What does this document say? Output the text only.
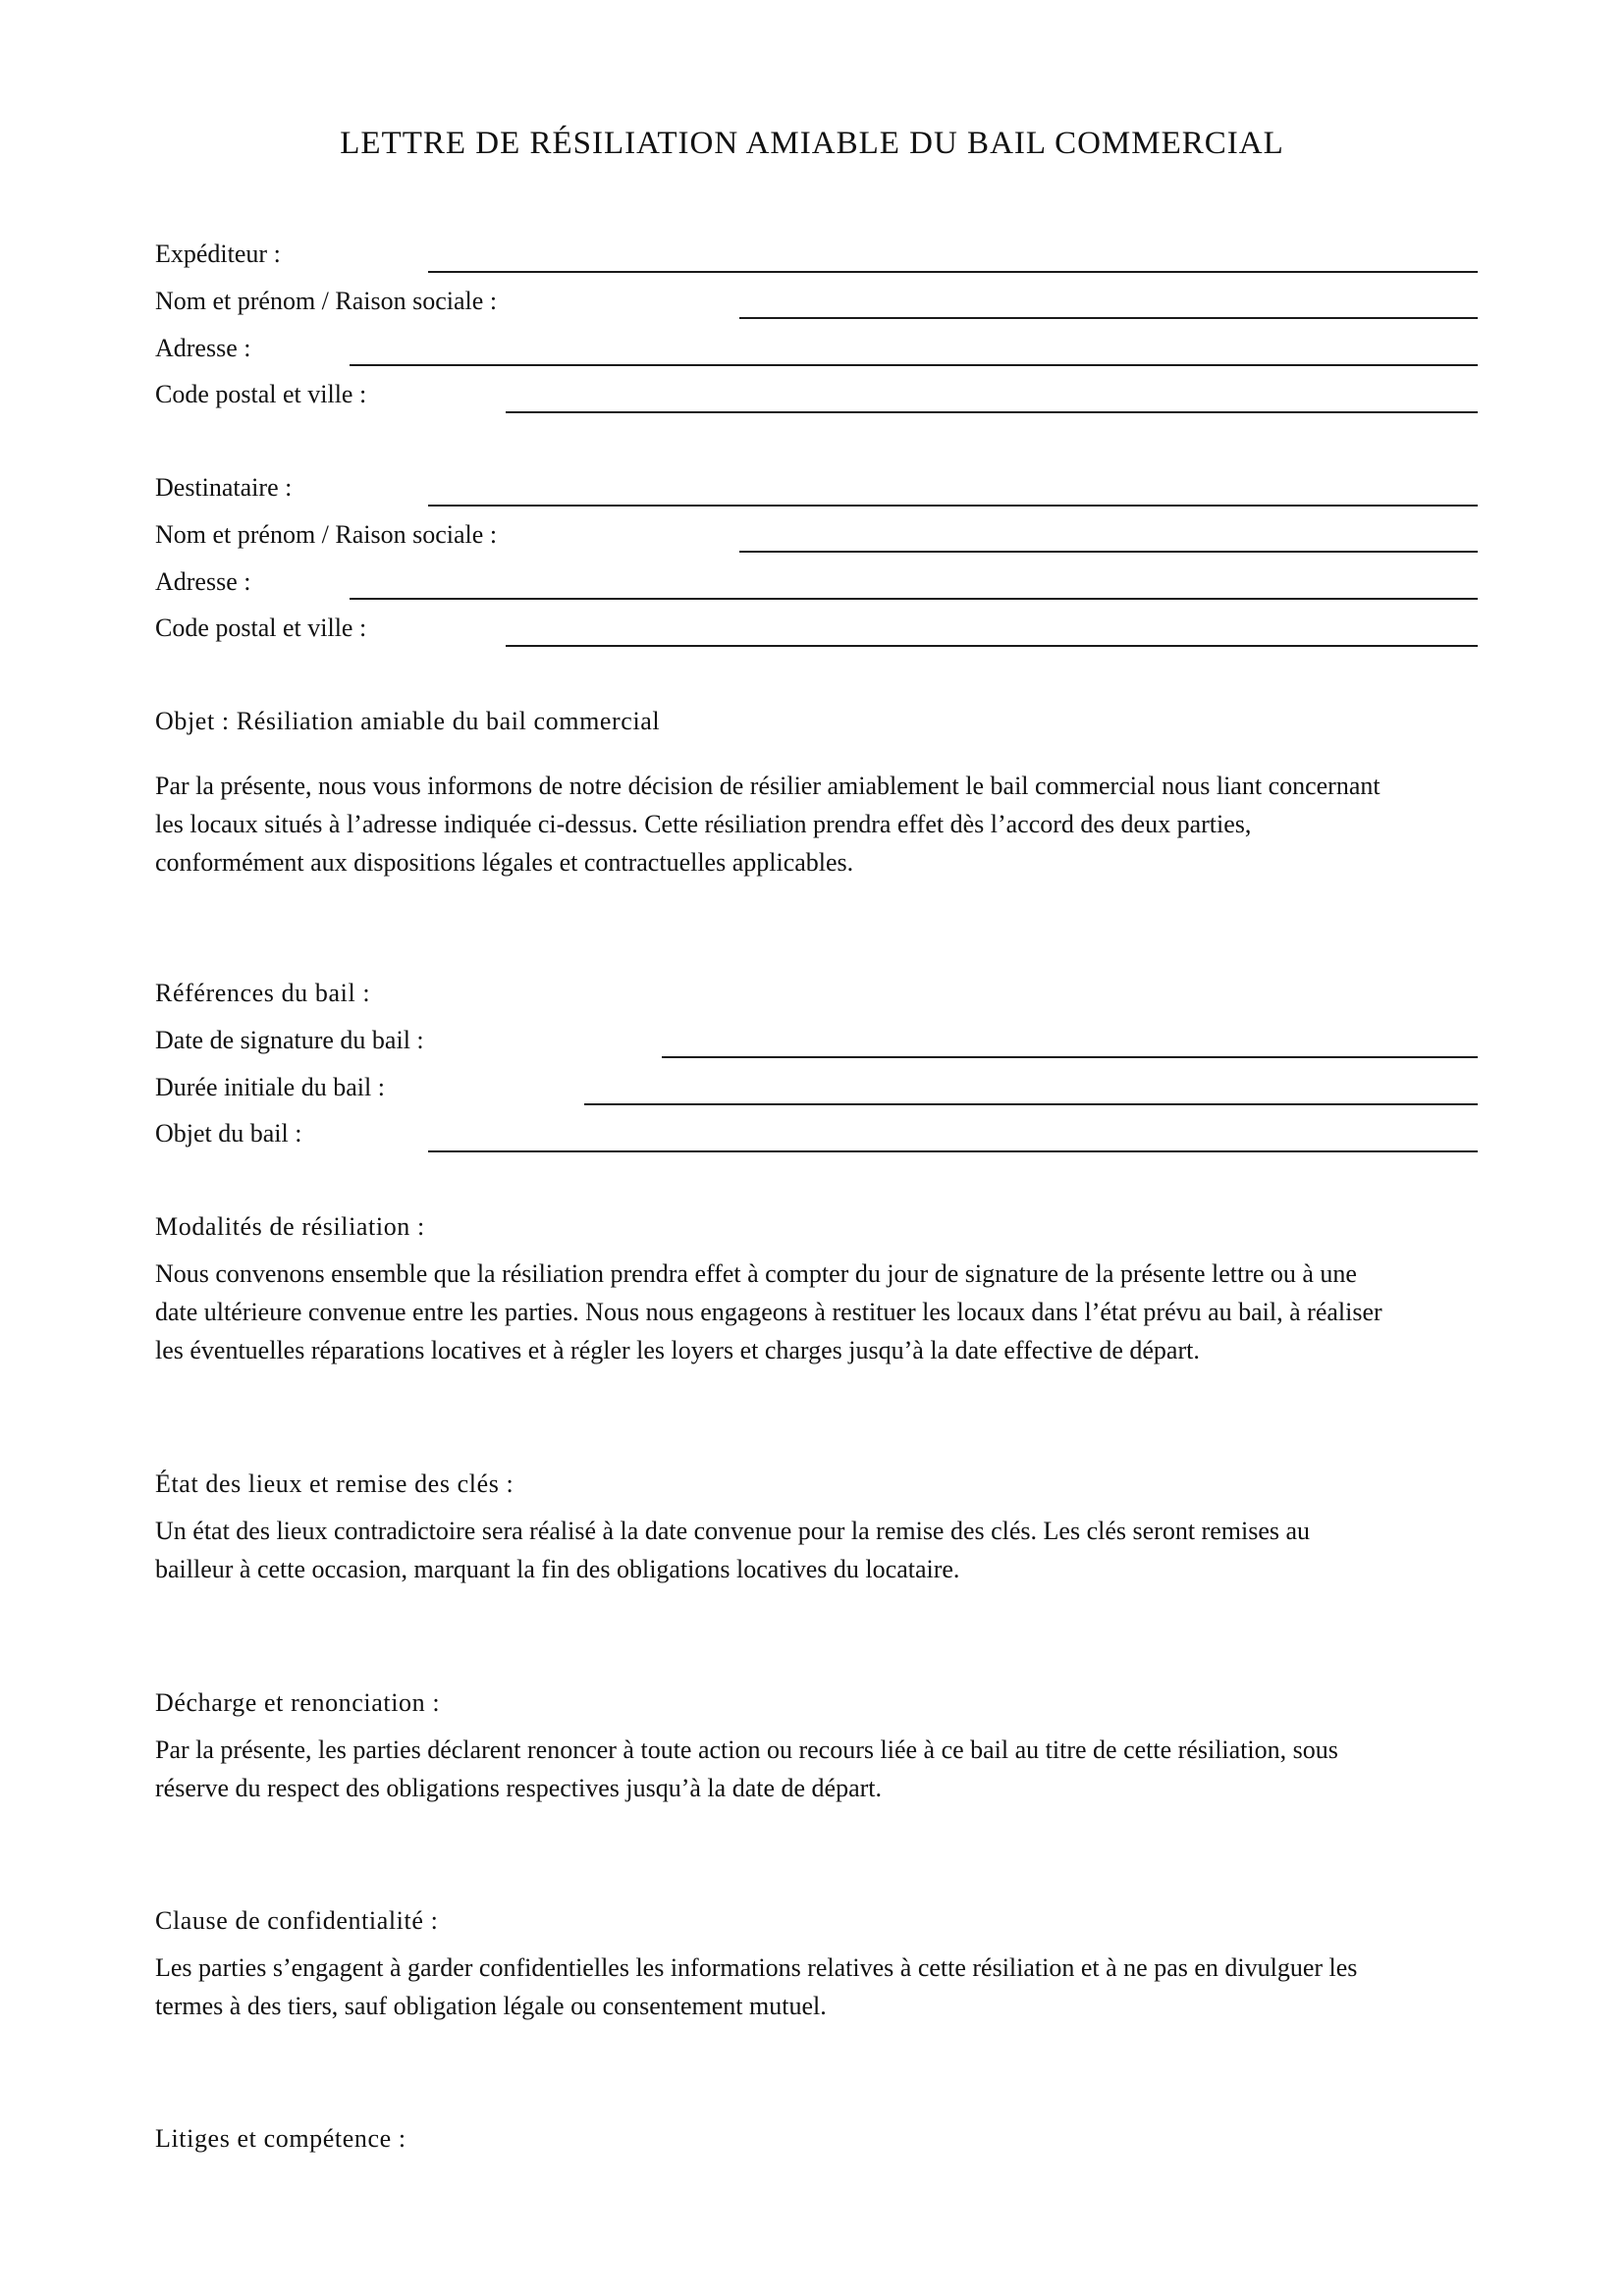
LETTRE DE RÉSILIATION AMIABLE DU BAIL COMMERCIAL
Expéditeur :
Nom et prénom / Raison sociale :
Adresse :
Code postal et ville :
Destinataire :
Nom et prénom / Raison sociale :
Adresse :
Code postal et ville :
Objet : Résiliation amiable du bail commercial
Par la présente, nous vous informons de notre décision de résilier amiablement le bail commercial nous liant concernant
les locaux situés à l’adresse indiquée ci-dessus. Cette résiliation prendra effet dès l’accord des deux parties,
conformément aux dispositions légales et contractuelles applicables.
Références du bail :
Date de signature du bail :
Durée initiale du bail :
Objet du bail :
Modalités de résiliation :
Nous convenons ensemble que la résiliation prendra effet à compter du jour de signature de la présente lettre ou à une
date ultérieure convenue entre les parties. Nous nous engageons à restituer les locaux dans l’état prévu au bail, à réaliser
les éventuelles réparations locatives et à régler les loyers et charges jusqu’à la date effective de départ.
État des lieux et remise des clés :
Un état des lieux contradictoire sera réalisé à la date convenue pour la remise des clés. Les clés seront remises au
bailleur à cette occasion, marquant la fin des obligations locatives du locataire.
Décharge et renonciation :
Par la présente, les parties déclarent renoncer à toute action ou recours liée à ce bail au titre de cette résiliation, sous
réserve du respect des obligations respectives jusqu’à la date de départ.
Clause de confidentialité :
Les parties s’engagent à garder confidentielles les informations relatives à cette résiliation et à ne pas en divulguer les
termes à des tiers, sauf obligation légale ou consentement mutuel.
Litiges et compétence :
